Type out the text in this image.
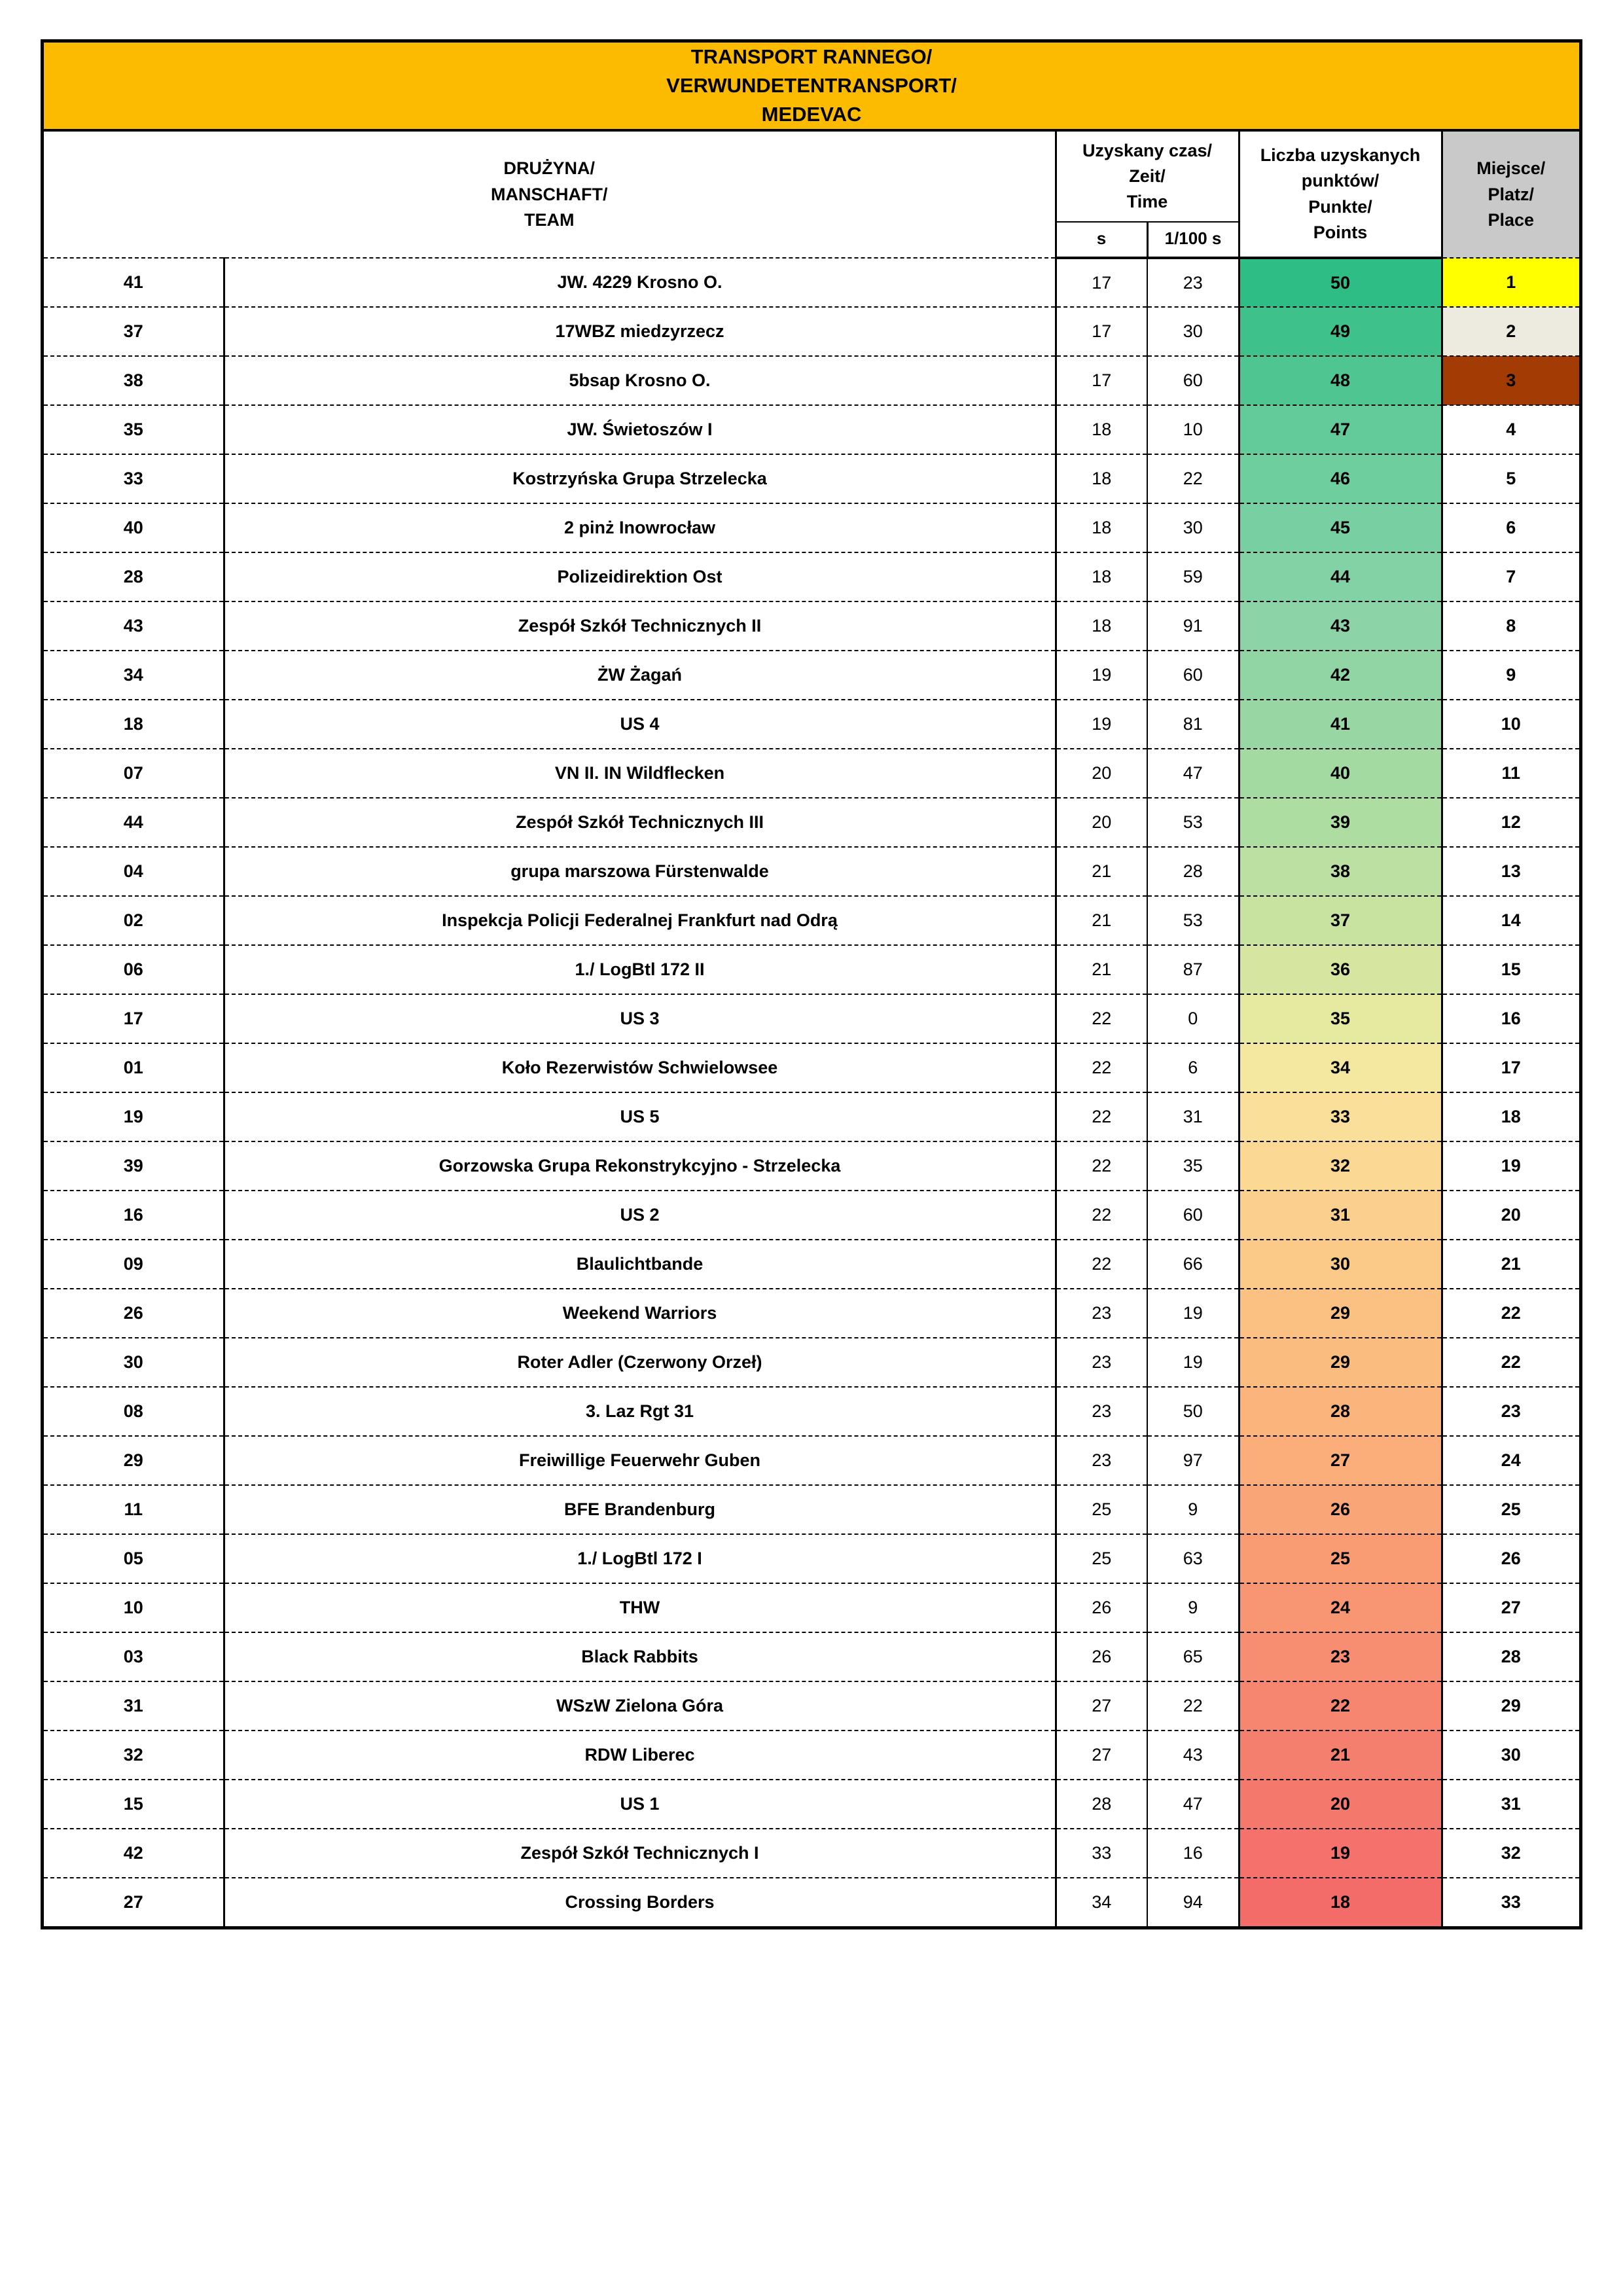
TRANSPORT RANNEGO/
VERWUNDETENTRANSPORT/
MEDEVAC					

DRUŻYNA/
MANSCHAFT/
TEAM		Uzyskany czas/
Zeit/
Time		Liczba uzyskanych
punktów/
Punkte/
Points	Miejsce/
Platz/
Place

		s	1/100 s		
41	JW. 4229 Krosno O.	17	23	50	1
37	17WBZ miedzyrzecz	17	30	49	2
38	5bsap Krosno O.	17	60	48	3
35	JW. Świetoszów I	18	10	47	4
33	Kostrzyńska Grupa Strzelecka	18	22	46	5
40	2 pinż Inowrocław	18	30	45	6
28	Polizeidirektion Ost	18	59	44	7
43	Zespół Szkół Technicznych II	18	91	43	8
34	ŻW Żagań	19	60	42	9
18	US 4	19	81	41	10
07	VN II. IN Wildflecken	20	47	40	11
44	Zespół Szkół Technicznych III	20	53	39	12
04	grupa marszowa Fürstenwalde	21	28	38	13
02	Inspekcja Policji Federalnej Frankfurt nad Odrą	21	53	37	14
06	1./ LogBtl 172 II	21	87	36	15
17	US 3	22	0	35	16
01	Koło Rezerwistów Schwielowsee	22	6	34	17
19	US 5	22	31	33	18
39	Gorzowska Grupa Rekonstrykcyjno - Strzelecka	22	35	32	19
16	US 2	22	60	31	20
09	Blaulichtbande	22	66	30	21
26	Weekend Warriors	23	19	29	22
30	Roter Adler (Czerwony Orzeł)	23	19	29	22
08	3. Laz Rgt 31	23	50	28	23
29	Freiwillige Feuerwehr Guben	23	97	27	24
11	BFE Brandenburg	25	9	26	25
05	1./ LogBtl 172 I	25	63	25	26
10	THW	26	9	24	27
03	Black Rabbits	26	65	23	28
31	WSzW Zielona Góra	27	22	22	29
32	RDW Liberec	27	43	21	30
15	US 1	28	47	20	31
42	Zespół Szkół Technicznych I	33	16	19	32
27	Crossing Borders	34	94	18	33
